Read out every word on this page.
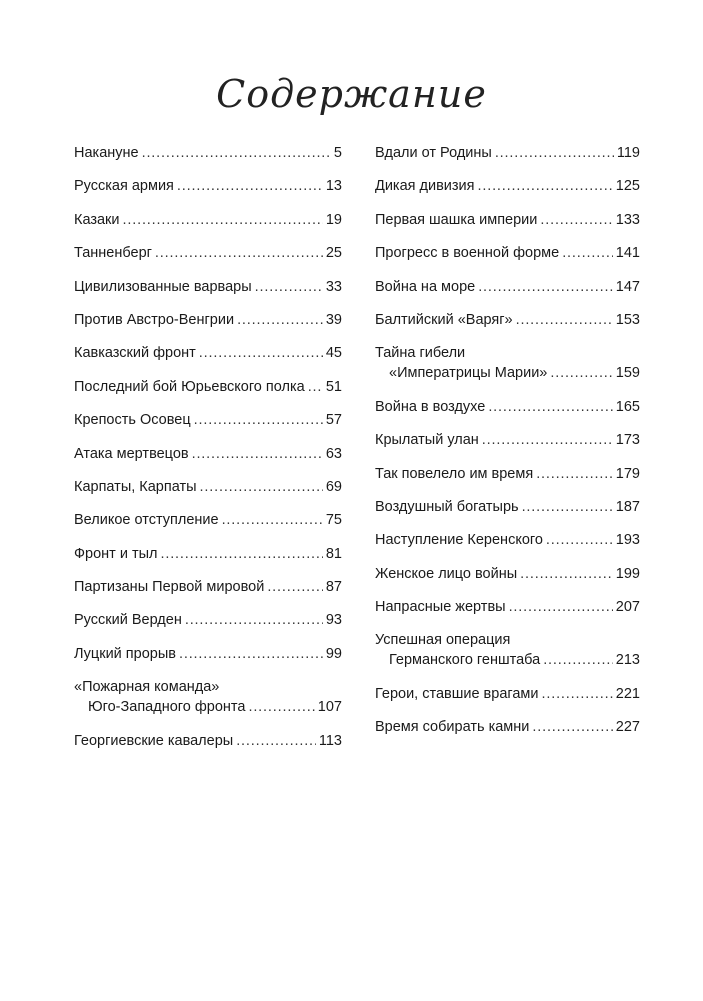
Содержание
Накануне . . .	5
Русская армия . . .	13
Казаки . . .	19
Танненберг . . .	25
Цивилизованные варвары . . .	33
Против Австро-Венгрии . . .	39
Кавказский фронт . . .	45
Последний бой Юрьевского полка . . . 51
Крепость Осовец . . .	57
Атака мертвецов . . .	63
Карпаты, Карпаты . . .	69
Великое отступление . . .	75
Фронт и тыл . . .	81
Партизаны Первой мировой . . .	87
Русский Верден . . .	93
Луцкий прорыв . . .	99
«Пожарная команда»
Юго-Западного фронта . . .	107
Георгиевские кавалеры . . .	113
Вдали от Родины . . .	119
Дикая дивизия . . .	125
Первая шашка империи . . .	133
Прогресс в военной форме . . .	141
Война на море . . .	147
Балтийский «Варяг» . . .	153
Тайна гибели
«Императрицы Марии» . . .	159
Война в воздухе . . .	165
Крылатый улан . . .	173
Так повелело им время . . .	179
Воздушный богатырь . . .	187
Наступление Керенского . . .	193
Женское лицо войны . . .	199
Напрасные жертвы . . .	207
Успешная операция
Германского генштаба . . .	213
Герои, ставшие врагами . . .	221
Время собирать камни . . .	227
